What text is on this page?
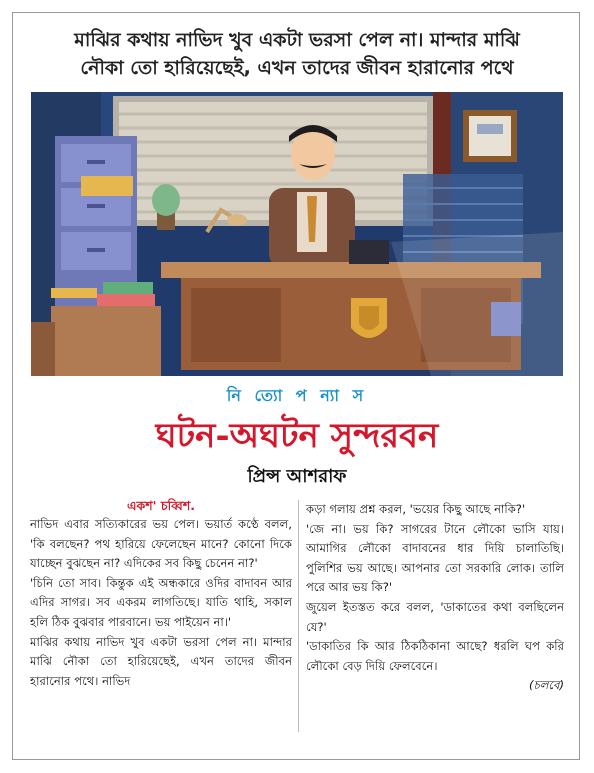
মাঝির কথায় নাভিদ খুব একটা ভরসা পেল না। মান্দার মাঝি
নৌকা তো হারিয়েছেই, এখন তাদের জীবন হারানোর পথে
নি ত্যো প ন্যা স
ঘটন-অঘটন সুন্দরবন
প্রিন্স আশরাফ

একশ' চব্বিশ.

নাভিদ এবার সত্যিকারের ভয় পেল। ভয়ার্ত কণ্ঠে বলল, 'কি বলছেন? পথ হারিয়ে ফেলেছেন মানে? কোনো দিকে যাচ্ছেন বুঝছেন না? এদিকের সব কিছু চেনেন না?'

'চিনি তো সাব। কিন্তুক এই অন্ধকারে ওদির বাদাবন আর এদির সাগর। সব একরম লাগতিছে। যাতি থাহি, সকাল হলি ঠিক বুঝবার পারবানে। ভয় পাইয়েন না।'

মাঝির কথায় নাভিদ খুব একটা ভরসা পেল না। মান্দার মাঝি নৌকা তো হারিয়েছেই, এখন তাদের জীবন হারানোর পথে। নাভিদ

কড়া গলায় প্রশ্ন করল, 'ভয়ের কিছু আছে নাকি?'

'জে না। ভয় কি? সাগরের টানে লৌকো ভাসি যায়। আমাগির লৌকো বাদাবনের ধার দিয়ি চালাতিছি। পুলিশির ভয় আছে। আপনার তো সরকারি লোক। তালি পরে আর ভয় কি?'

জুয়েল ইতস্তত করে বলল, 'ডাকাতের কথা বলছিলেন যে?'

'ডাকাতির কি আর ঠিকঠিকানা আছে? ধরলি ঘপ করি লৌকো বেড় দিয়ি ফেলবেনে।

(চলবে)
